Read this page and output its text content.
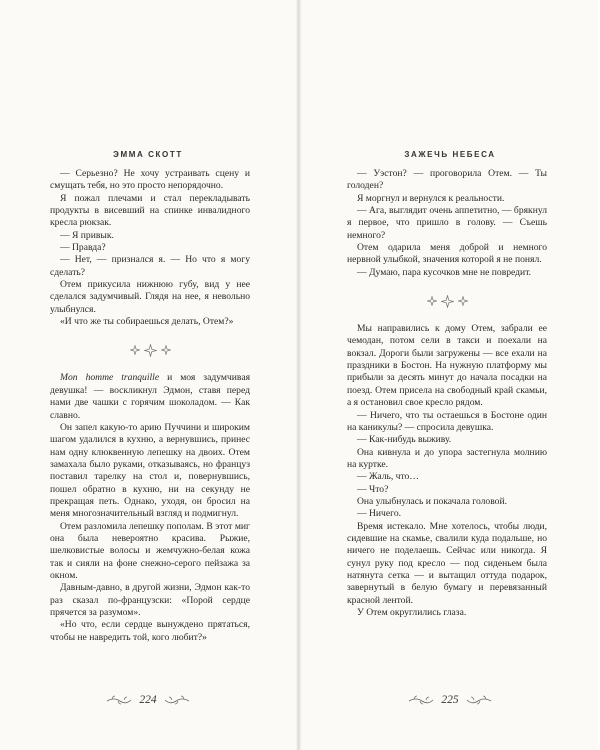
ЭММА СКОТТ

— Серьезно? Не хочу устраивать сцену и смущать тебя, но это просто непорядочно.

Я пожал плечами и стал перекладывать продукты в висевший на спинке инвалидного кресла рюкзак.

— Я привык.

— Правда?

— Нет, — признался я. — Но что я могу сделать?

Отем прикусила нижнюю губу, вид у нее сделался задумчивый. Глядя на нее, я невольно улыбнулся.

«И что же ты собираешься делать, Отем?»

Mon homme tranquille и моя задумчивая девушка! — воскликнул Эдмон, ставя перед нами две чашки с горячим шоколадом. — Как славно.

Он запел какую-то арию Пуччини и широким шагом удалился в кухню, а вернувшись, принес нам одну клюквенную лепешку на двоих. Отем замахала было руками, отказываясь, но француз поставил тарелку на стол и, повернувшись, пошел обратно в кухню, ни на секунду не прекращая петь. Однако, уходя, он бросил на меня многозначительный взгляд и подмигнул.

Отем разломила лепешку пополам. В этот миг она была невероятно красива. Рыжие, шелковистые волосы и жемчужно-белая кожа так и сияли на фоне снежно-серого пейзажа за окном.

Давным-давно, в другой жизни, Эдмон как-то раз сказал по-французски: «Порой сердце прячется за разумом».

«Но что, если сердце вынуждено прятаться, чтобы не навредить той, кого любит?»

224
ЗАЖЕЧЬ НЕБЕСА

— Уэстон? — проговорила Отем. — Ты голоден?

Я моргнул и вернулся к реальности.

— Ага, выглядит очень аппетитно, — брякнул я первое, что пришло в голову. — Съешь немного?

Отем одарила меня доброй и немного нервной улыбкой, значения которой я не понял.

— Думаю, пара кусочков мне не повредит.

Мы направились к дому Отем, забрали ее чемодан, потом сели в такси и поехали на вокзал. Дороги были загружены — все ехали на праздники в Бостон. На нужную платформу мы прибыли за десять минут до начала посадки на поезд. Отем присела на свободный край скамьи, а я остановил свое кресло рядом.

— Ничего, что ты остаешься в Бостоне один на каникулы? — спросила девушка.

— Как-нибудь выживу.

Она кивнула и до упора застегнула молнию на куртке.

— Жаль, что…

— Что?

Она улыбнулась и покачала головой.

— Ничего.

Время истекало. Мне хотелось, чтобы люди, сидевшие на скамье, свалили куда подальше, но ничего не поделаешь. Сейчас или никогда. Я сунул руку под кресло — под сиденьем была натянута сетка — и вытащил оттуда подарок, завернутый в белую бумагу и перевязанный красной лентой.

У Отем округлились глаза.

225
